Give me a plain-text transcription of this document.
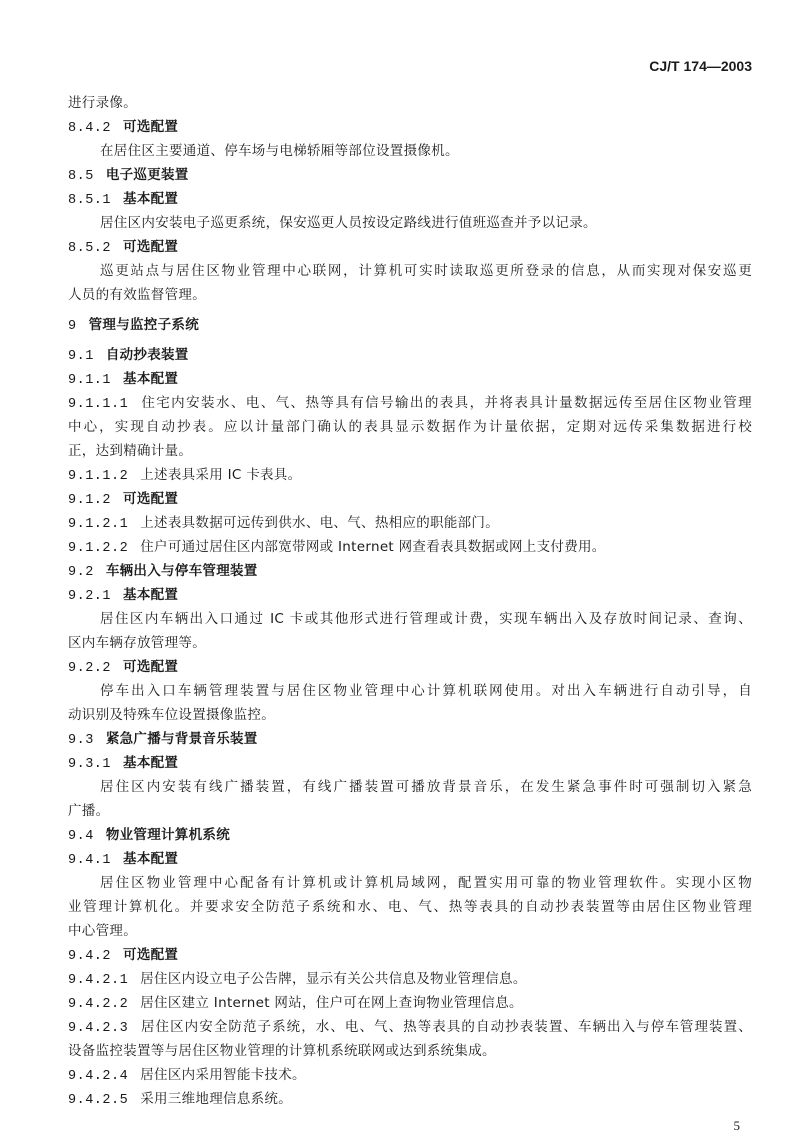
CJ/T 174—2003
进行录像。
8.4.2 可选配置
在居住区主要通道、停车场与电梯轿厢等部位设置摄像机。
8.5 电子巡更装置
8.5.1 基本配置
居住区内安装电子巡更系统，保安巡更人员按设定路线进行值班巡查并予以记录。
8.5.2 可选配置
巡更站点与居住区物业管理中心联网，计算机可实时读取巡更所登录的信息，从而实现对保安巡更
人员的有效监督管理。
9 管理与监控子系统
9.1 自动抄表装置
9.1.1 基本配置
9.1.1.1 住宅内安装水、电、气、热等具有信号输出的表具，并将表具计量数据远传至居住区物业管理
中心，实现自动抄表。应以计量部门确认的表具显示数据作为计量依据，定期对远传采集数据进行校
正，达到精确计量。
9.1.1.2 上述表具采用 IC 卡表具。
9.1.2 可选配置
9.1.2.1 上述表具数据可远传到供水、电、气、热相应的职能部门。
9.1.2.2 住户可通过居住区内部宽带网或 Internet 网查看表具数据或网上支付费用。
9.2 车辆出入与停车管理装置
9.2.1 基本配置
居住区内车辆出入口通过 IC 卡或其他形式进行管理或计费，实现车辆出入及存放时间记录、查询、
区内车辆存放管理等。
9.2.2 可选配置
停车出入口车辆管理装置与居住区物业管理中心计算机联网使用。对出入车辆进行自动引导，自
动识别及特殊车位设置摄像监控。
9.3 紧急广播与背景音乐装置
9.3.1 基本配置
居住区内安装有线广播装置，有线广播装置可播放背景音乐，在发生紧急事件时可强制切入紧急
广播。
9.4 物业管理计算机系统
9.4.1 基本配置
居住区物业管理中心配备有计算机或计算机局域网，配置实用可靠的物业管理软件。实现小区物
业管理计算机化。并要求安全防范子系统和水、电、气、热等表具的自动抄表装置等由居住区物业管理
中心管理。
9.4.2 可选配置
9.4.2.1 居住区内设立电子公告牌，显示有关公共信息及物业管理信息。
9.4.2.2 居住区建立 Internet 网站，住户可在网上查询物业管理信息。
9.4.2.3 居住区内安全防范子系统，水、电、气、热等表具的自动抄表装置、车辆出入与停车管理装置、
设备监控装置等与居住区物业管理的计算机系统联网或达到系统集成。
9.4.2.4 居住区内采用智能卡技术。
9.4.2.5 采用三维地理信息系统。
5
